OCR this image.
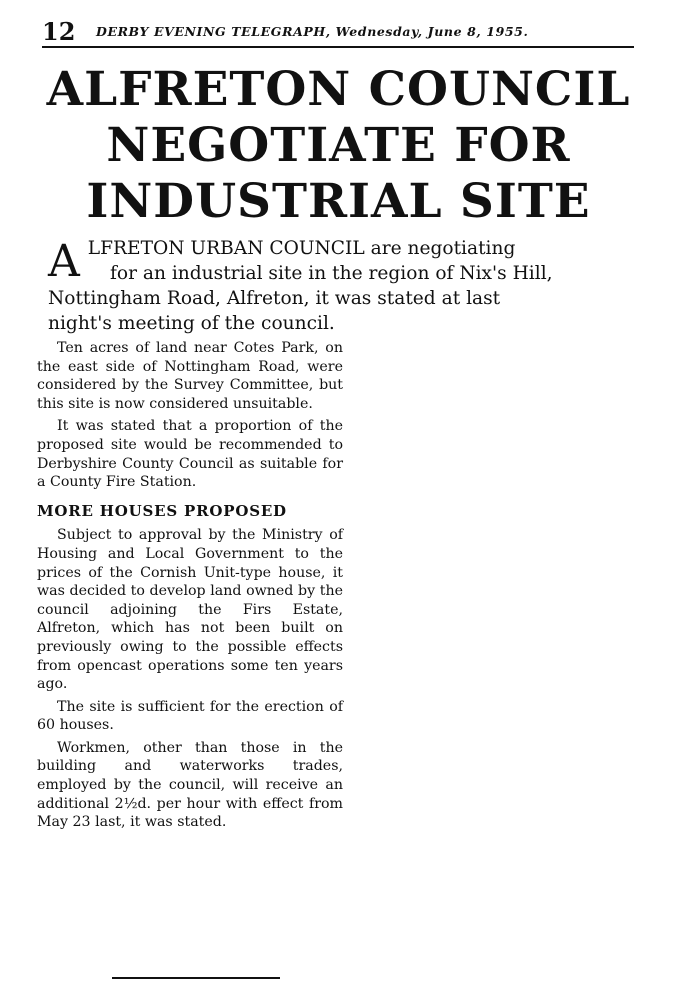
12 DERBY EVENING TELEGRAPH, Wednesday, June 8, 1955.
ALFRETON COUNCIL
NEGOTIATE FOR
INDUSTRIAL SITE
A LFRETON URBAN COUNCIL are negotiating
for an industrial site in the region of Nix's Hill,
Nottingham Road, Alfreton, it was stated at last
night's meeting of the council.

Ten acres of land near Cotes Park, on the east side of Nottingham Road, were considered by the Survey Committee, but this site is now considered unsuitable.

It was stated that a proportion of the proposed site would be recommended to Derbyshire County Council as suitable for a County Fire Station.

MORE HOUSES PROPOSED

Subject to approval by the Ministry of Housing and Local Government to the prices of the Cornish Unit-type house, it was decided to develop land owned by the council adjoining the Firs Estate, Alfreton, which has not been built on previously owing to the possible effects from opencast operations some ten years ago.

The site is sufficient for the erection of 60 houses.

Workmen, other than those in the building and waterworks trades, employed by the council, will receive an additional 2½d. per hour with effect from May 23 last, it was stated.
